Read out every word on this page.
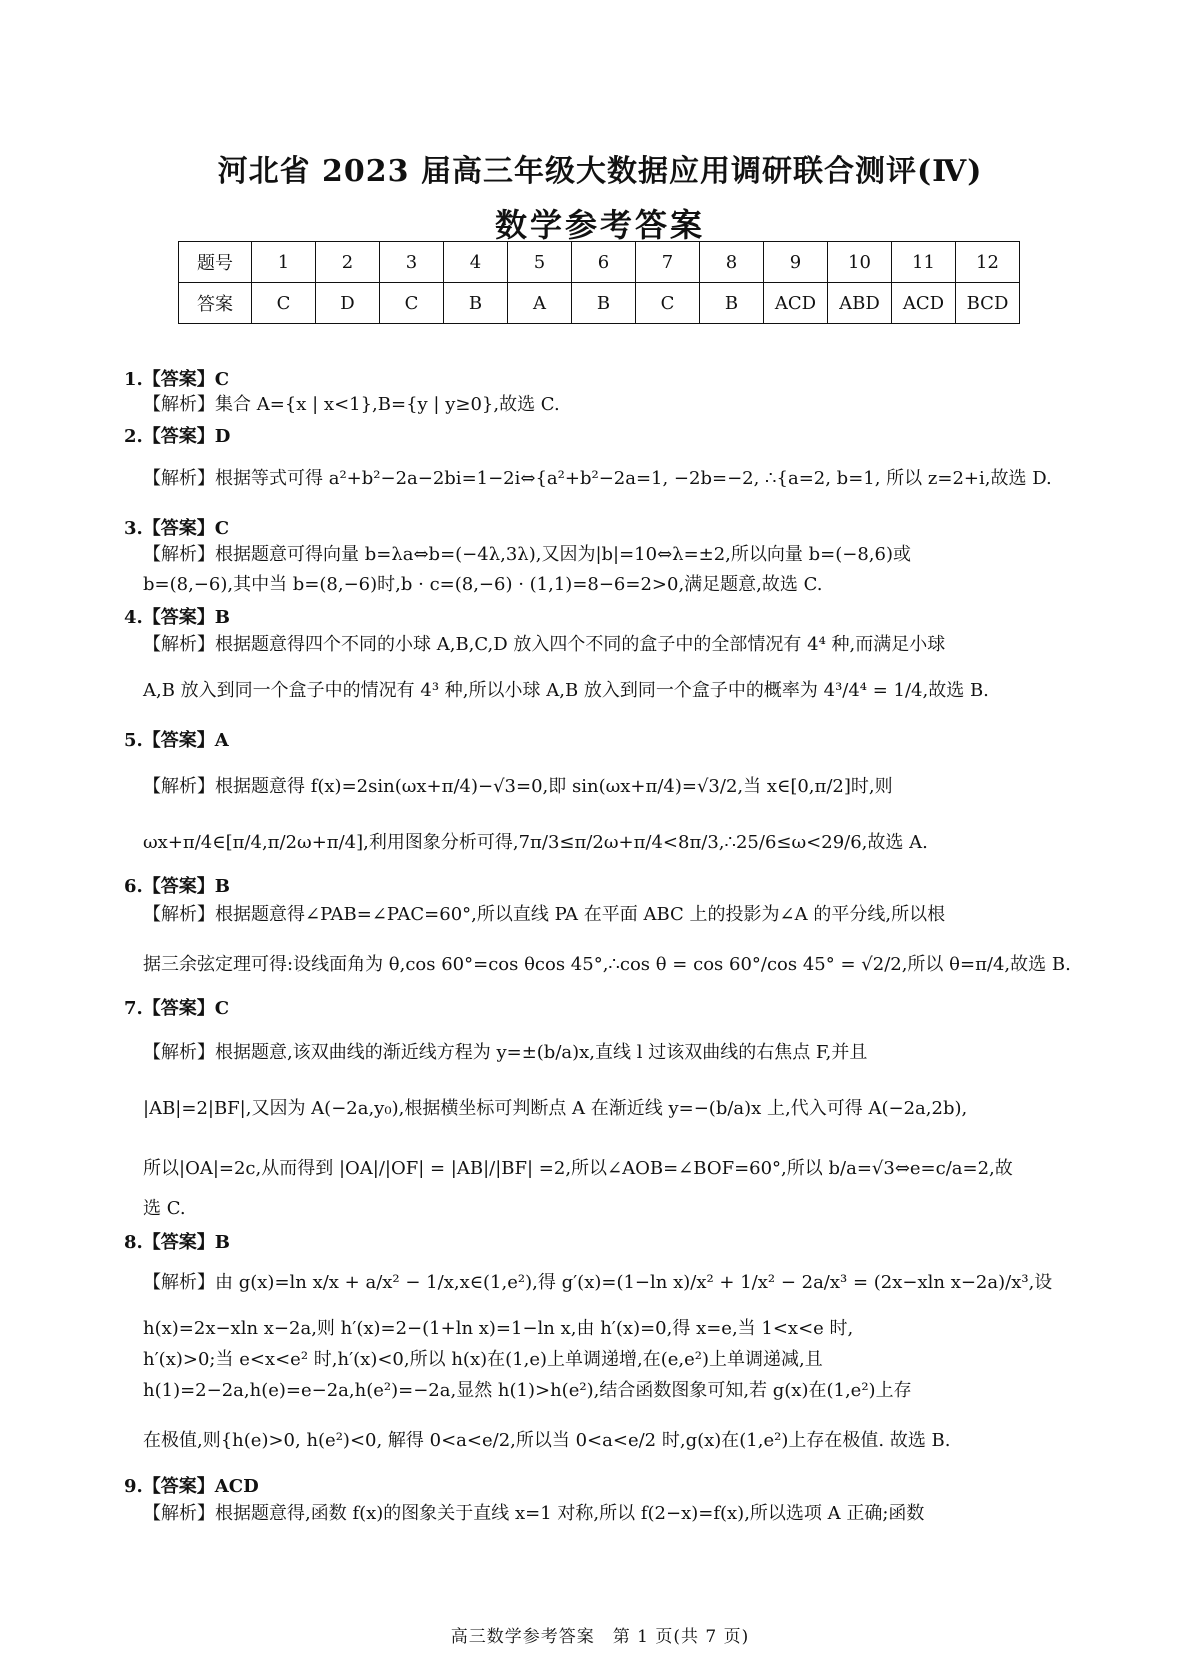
河北省 2023 届高三年级大数据应用调研联合测评(Ⅳ)
数学参考答案
题号	1	2	3	4	5	6	7	8	9	10	11	12
答案	C	D	C	B	A	B	C	B	ACD	ABD	ACD	BCD
1.【答案】C
【解析】集合 A={x | x<1},B={y | y≥0},故选 C.
2.【答案】D
【解析】根据等式可得 a²+b²−2a−2bi=1−2i⇔{a²+b²−2a=1, −2b=−2, ∴{a=2, b=1, 所以 z=2+i,故选 D.
3.【答案】C
【解析】根据题意可得向量 b=λa⇔b=(−4λ,3λ),又因为|b|=10⇔λ=±2,所以向量 b=(−8,6)或
b=(8,−6),其中当 b=(8,−6)时,b · c=(8,−6) · (1,1)=8−6=2>0,满足题意,故选 C.
4.【答案】B
【解析】根据题意得四个不同的小球 A,B,C,D 放入四个不同的盒子中的全部情况有 4⁴ 种,而满足小球
A,B 放入到同一个盒子中的情况有 4³ 种,所以小球 A,B 放入到同一个盒子中的概率为 4³/4⁴ = 1/4,故选 B.
5.【答案】A
【解析】根据题意得 f(x)=2sin(ωx+π/4)−√3=0,即 sin(ωx+π/4)=√3/2,当 x∈[0,π/2]时,则
ωx+π/4∈[π/4,π/2ω+π/4],利用图象分析可得,7π/3≤π/2ω+π/4<8π/3,∴25/6≤ω<29/6,故选 A.
6.【答案】B
【解析】根据题意得∠PAB=∠PAC=60°,所以直线 PA 在平面 ABC 上的投影为∠A 的平分线,所以根
据三余弦定理可得:设线面角为 θ,cos 60°=cos θcos 45°,∴cos θ = cos 60°/cos 45° = √2/2,所以 θ=π/4,故选 B.
7.【答案】C
【解析】根据题意,该双曲线的渐近线方程为 y=±(b/a)x,直线 l 过该双曲线的右焦点 F,并且
|AB|=2|BF|,又因为 A(−2a,y₀),根据横坐标可判断点 A 在渐近线 y=−(b/a)x 上,代入可得 A(−2a,2b),
所以|OA|=2c,从而得到 |OA|/|OF| = |AB|/|BF| =2,所以∠AOB=∠BOF=60°,所以 b/a=√3⇔e=c/a=2,故
选 C.
8.【答案】B
【解析】由 g(x)=ln x/x + a/x² − 1/x,x∈(1,e²),得 g′(x)=(1−ln x)/x² + 1/x² − 2a/x³ = (2x−xln x−2a)/x³,设
h(x)=2x−xln x−2a,则 h′(x)=2−(1+ln x)=1−ln x,由 h′(x)=0,得 x=e,当 1<x<e 时,
h′(x)>0;当 e<x<e² 时,h′(x)<0,所以 h(x)在(1,e)上单调递增,在(e,e²)上单调递减,且
h(1)=2−2a,h(e)=e−2a,h(e²)=−2a,显然 h(1)>h(e²),结合函数图象可知,若 g(x)在(1,e²)上存
在极值,则{h(e)>0, h(e²)<0, 解得 0<a<e/2,所以当 0<a<e/2 时,g(x)在(1,e²)上存在极值. 故选 B.
9.【答案】ACD
【解析】根据题意得,函数 f(x)的图象关于直线 x=1 对称,所以 f(2−x)=f(x),所以选项 A 正确;函数
高三数学参考答案　第 1 页(共 7 页)
